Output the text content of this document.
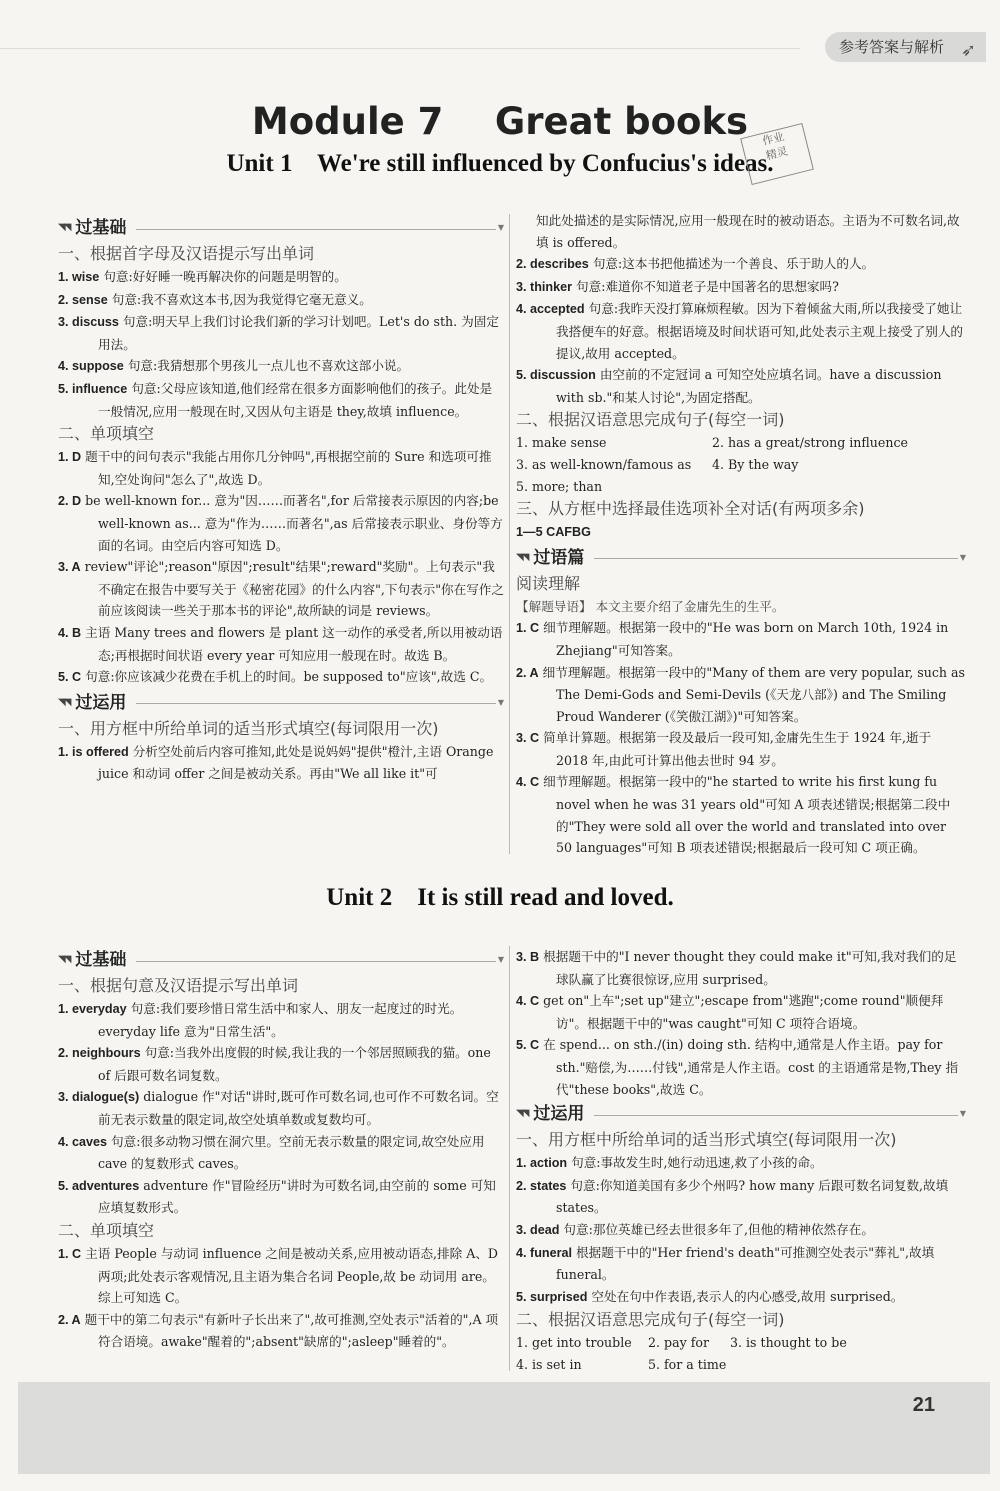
参考答案与解析 ➶
Module 7    Great books
Unit 1    We're still influenced by Confucius's ideas.
作业
精灵
◥◥ 过基础	▼
一、根据首字母及汉语提示写出单词
1. wise 句意:好好睡一晚再解决你的问题是明智的。
2. sense 句意:我不喜欢这本书,因为我觉得它毫无意义。
3. discuss 句意:明天早上我们讨论我们新的学习计划吧。Let's do sth. 为固定用法。
4. suppose 句意:我猜想那个男孩儿一点儿也不喜欢这部小说。
5. influence 句意:父母应该知道,他们经常在很多方面影响他们的孩子。此处是一般情况,应用一般现在时,又因从句主语是 they,故填 influence。
二、单项填空
1. D 题干中的问句表示"我能占用你几分钟吗",再根据空前的 Sure 和选项可推知,空处询问"怎么了",故选 D。
2. D be well-known for... 意为"因……而著名",for 后常接表示原因的内容;be well-known as... 意为"作为……而著名",as 后常接表示职业、身份等方面的名词。由空后内容可知选 D。
3. A review"评论";reason"原因";result"结果";reward"奖励"。上句表示"我不确定在报告中要写关于《秘密花园》的什么内容",下句表示"你在写作之前应该阅读一些关于那本书的评论",故所缺的词是 reviews。
4. B 主语 Many trees and flowers 是 plant 这一动作的承受者,所以用被动语态;再根据时间状语 every year 可知应用一般现在时。故选 B。
5. C 句意:你应该减少花费在手机上的时间。be supposed to"应该",故选 C。
◥◥ 过运用	▼
一、用方框中所给单词的适当形式填空(每词限用一次)
1. is offered 分析空处前后内容可推知,此处是说妈妈"提供"橙汁,主语 Orange juice 和动词 offer 之间是被动关系。再由"We all like it"可
知此处描述的是实际情况,应用一般现在时的被动语态。主语为不可数名词,故填 is offered。
2. describes 句意:这本书把他描述为一个善良、乐于助人的人。
3. thinker 句意:难道你不知道老子是中国著名的思想家吗?
4. accepted 句意:我昨天没打算麻烦程敏。因为下着倾盆大雨,所以我接受了她让我搭便车的好意。根据语境及时间状语可知,此处表示主观上接受了别人的提议,故用 accepted。
5. discussion 由空前的不定冠词 a 可知空处应填名词。have a discussion with sb."和某人讨论",为固定搭配。
二、根据汉语意思完成句子(每空一词)
1. make sense	2. has a great/strong influence
3. as well-known/famous as	4. By the way
5. more; than
三、从方框中选择最佳选项补全对话(有两项多余)
1—5 CAFBG
◥◥ 过语篇	▼
阅读理解
【解题导语】 本文主要介绍了金庸先生的生平。
1. C 细节理解题。根据第一段中的"He was born on March 10th, 1924 in Zhejiang"可知答案。
2. A 细节理解题。根据第一段中的"Many of them are very popular, such as The Demi-Gods and Semi-Devils (《天龙八部》) and The Smiling Proud Wanderer (《笑傲江湖》)"可知答案。
3. C 简单计算题。根据第一段及最后一段可知,金庸先生生于 1924 年,逝于 2018 年,由此可计算出他去世时 94 岁。
4. C 细节理解题。根据第一段中的"he started to write his first kung fu novel when he was 31 years old"可知 A 项表述错误;根据第二段中的"They were sold all over the world and translated into over 50 languages"可知 B 项表述错误;根据最后一段可知 C 项正确。
Unit 2    It is still read and loved.
◥◥ 过基础	▼
一、根据句意及汉语提示写出单词
1. everyday 句意:我们要珍惜日常生活中和家人、朋友一起度过的时光。everyday life 意为"日常生活"。
2. neighbours 句意:当我外出度假的时候,我让我的一个邻居照顾我的猫。one of 后跟可数名词复数。
3. dialogue(s) dialogue 作"对话"讲时,既可作可数名词,也可作不可数名词。空前无表示数量的限定词,故空处填单数或复数均可。
4. caves 句意:很多动物习惯在洞穴里。空前无表示数量的限定词,故空处应用 cave 的复数形式 caves。
5. adventures adventure 作"冒险经历"讲时为可数名词,由空前的 some 可知应填复数形式。
二、单项填空
1. C 主语 People 与动词 influence 之间是被动关系,应用被动语态,排除 A、D 两项;此处表示客观情况,且主语为集合名词 People,故 be 动词用 are。综上可知选 C。
2. A 题干中的第二句表示"有新叶子长出来了",故可推测,空处表示"活着的",A 项符合语境。awake"醒着的";absent"缺席的";asleep"睡着的"。
3. B 根据题干中的"I never thought they could make it"可知,我对我们的足球队赢了比赛很惊讶,应用 surprised。
4. C get on"上车";set up"建立";escape from"逃跑";come round"顺便拜访"。根据题干中的"was caught"可知 C 项符合语境。
5. C 在 spend... on sth./(in) doing sth. 结构中,通常是人作主语。pay for sth."赔偿,为……付钱",通常是人作主语。cost 的主语通常是物,They 指代"these books",故选 C。
◥◥ 过运用	▼
一、用方框中所给单词的适当形式填空(每词限用一次)
1. action 句意:事故发生时,她行动迅速,救了小孩的命。
2. states 句意:你知道美国有多少个州吗? how many 后跟可数名词复数,故填 states。
3. dead 句意:那位英雄已经去世很多年了,但他的精神依然存在。
4. funeral 根据题干中的"Her friend's death"可推测空处表示"葬礼",故填 funeral。
5. surprised 空处在句中作表语,表示人的内心感受,故用 surprised。
二、根据汉语意思完成句子(每空一词)
1. get into trouble	2. pay for	3. is thought to be
4. is set in	5. for a time
21
